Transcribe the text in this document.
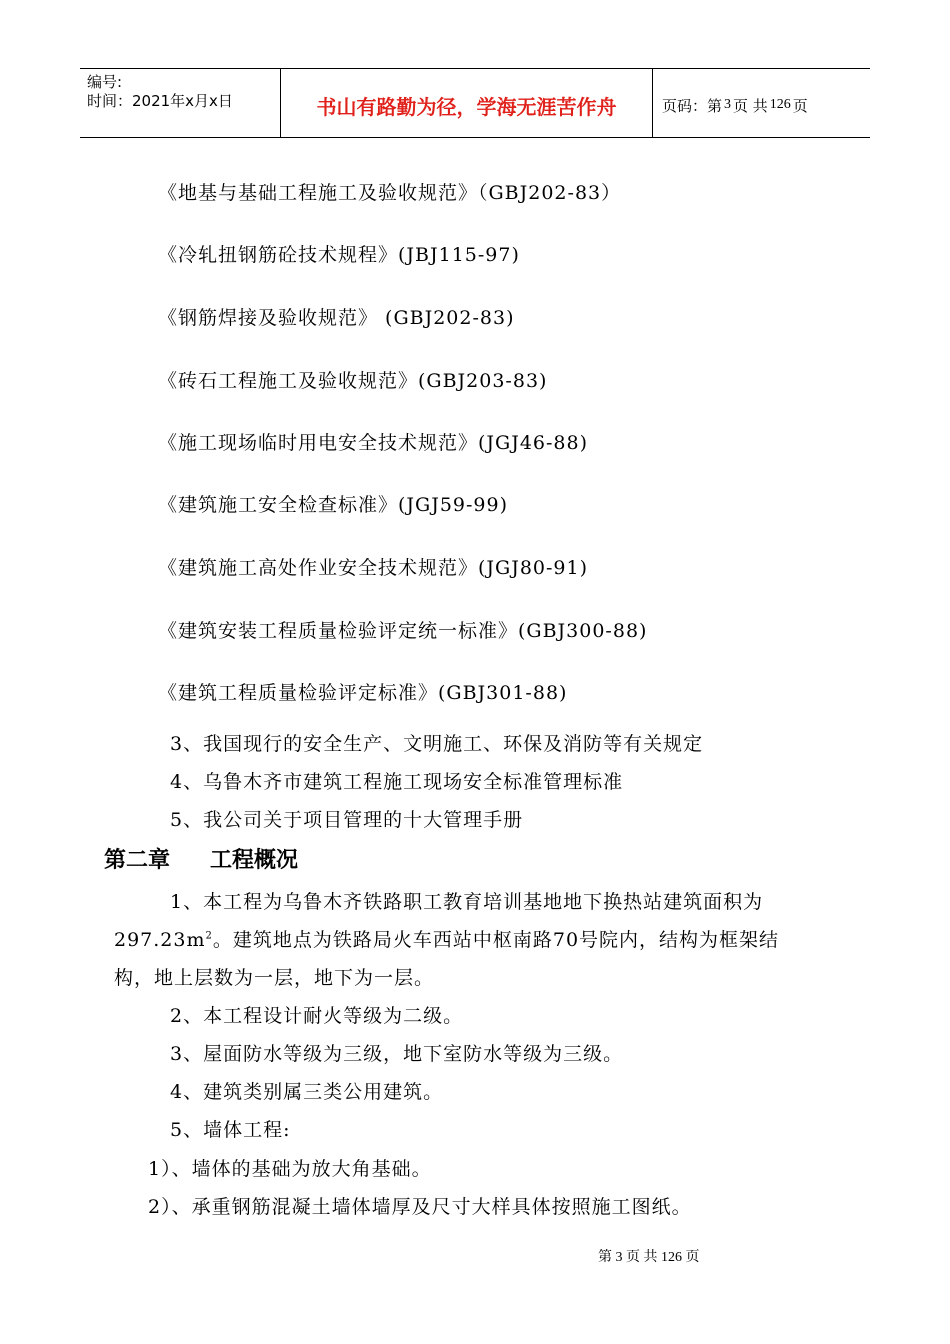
编号:
时间：2021年x月x日	书山有路勤为径，学海无涯苦作舟	页码：第 3 页 共 126 页
《地基与基础工程施工及验收规范》（GBJ202-83）
《冷轧扭钢筋砼技术规程》(JBJ115-97)
《钢筋焊接及验收规范》 (GBJ202-83)
《砖石工程施工及验收规范》(GBJ203-83)
《施工现场临时用电安全技术规范》(JGJ46-88)
《建筑施工安全检查标准》(JGJ59-99)
《建筑施工高处作业安全技术规范》(JGJ80-91)
《建筑安装工程质量检验评定统一标准》(GBJ300-88)
《建筑工程质量检验评定标准》(GBJ301-88)
3、我国现行的安全生产、文明施工、环保及消防等有关规定
4、乌鲁木齐市建筑工程施工现场安全标准管理标准
5、我公司关于项目管理的十大管理手册
第二章 工程概况
1、本工程为乌鲁木齐铁路职工教育培训基地地下换热站建筑面积为
$297.23m^2$。建筑地点为铁路局火车西站中枢南路70号院内，结构为框架结
构，地上层数为一层，地下为一层。
2、本工程设计耐火等级为二级。
3、屋面防水等级为三级，地下室防水等级为三级。
4、建筑类别属三类公用建筑。
5、墙体工程:
1）、墙体的基础为放大角基础。
2）、承重钢筋混凝土墙体墙厚及尺寸大样具体按照施工图纸。
第 3 页 共 126 页
